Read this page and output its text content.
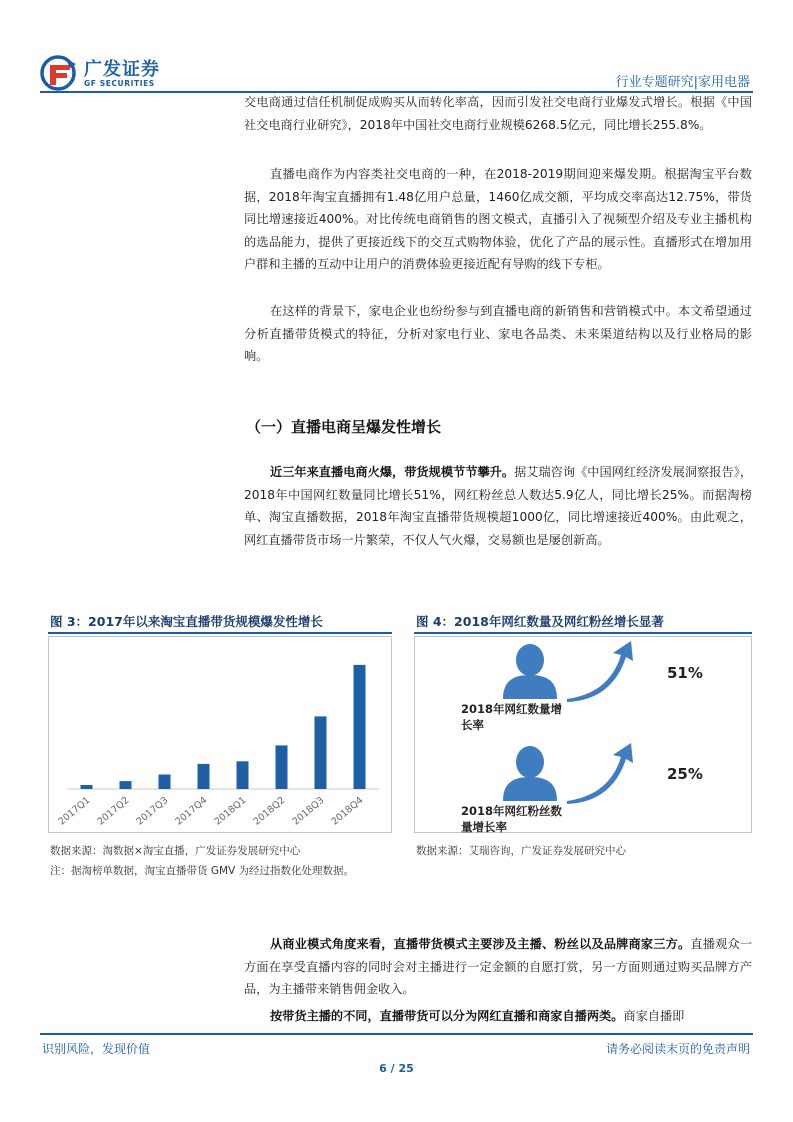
广发证券
GF SECURITIES	行业专题研究|家用电器

交电商通过信任机制促成购买从而转化率高，因而引发社交电商行业爆发式增长。根据《中国社交电商行业研究》，2018年中国社交电商行业规模6268.5亿元，同比增长255.8%。

直播电商作为内容类社交电商的一种，在2018-2019期间迎来爆发期。根据淘宝平台数据，2018年淘宝直播拥有1.48亿用户总量，1460亿成交额，平均成交率高达12.75%，带货同比增速接近400%。对比传统电商销售的图文模式，直播引入了视频型介绍及专业主播机构的选品能力，提供了更接近线下的交互式购物体验，优化了产品的展示性。直播形式在增加用户群和主播的互动中让用户的消费体验更接近配有导购的线下专柜。

在这样的背景下，家电企业也纷纷参与到直播电商的新销售和营销模式中。本文希望通过分析直播带货模式的特征，分析对家电行业、家电各品类、未来渠道结构以及行业格局的影响。

（一）直播电商呈爆发性增长

近三年来直播电商火爆，带货规模节节攀升。据艾瑞咨询《中国网红经济发展洞察报告》，2018年中国网红数量同比增长51%，网红粉丝总人数达5.9亿人，同比增长25%。而据淘榜单、淘宝直播数据，2018年淘宝直播带货规模超1000亿，同比增速接近400%。由此观之，网红直播带货市场一片繁荣，不仅人气火爆，交易额也是屡创新高。

图 3：2017年以来淘宝直播带货规模爆发性增长
2017Q1 2017Q2 2017Q3 2017Q4 2018Q1 2018Q2 2018Q3 2018Q4
数据来源：淘数据×淘宝直播，广发证券发展研究中心
注：据淘榜单数据，淘宝直播带货 GMV 为经过指数化处理数据。
图 4：2018年网红数量及网红粉丝增长显著
51%
2018年网红数量增
长率
25%
2018年网红粉丝数
量增长率
数据来源：艾瑞咨询，广发证券发展研究中心

从商业模式角度来看，直播带货模式主要涉及主播、粉丝以及品牌商家三方。直播观众一方面在享受直播内容的同时会对主播进行一定金额的自愿打赏，另一方面则通过购买品牌方产品，为主播带来销售佣金收入。

按带货主播的不同，直播带货可以分为网红直播和商家自播两类。商家自播即

识别风险，发现价值	请务必阅读末页的免责声明
6 / 25
